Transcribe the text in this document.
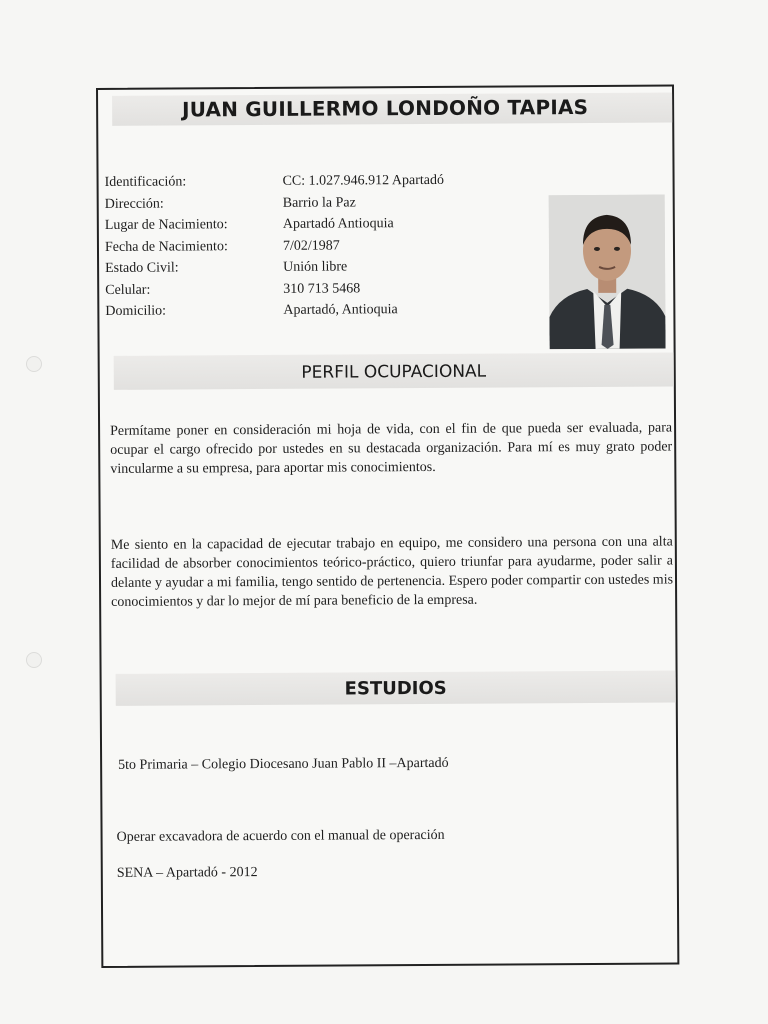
JUAN GUILLERMO LONDOÑO TAPIAS
Identificación:	CC: 1.027.946.912 Apartadó
Dirección:	Barrio la Paz
Lugar de Nacimiento:	Apartadó Antioquia
Fecha de Nacimiento:	7/02/1987
Estado Civil:	Unión libre
Celular:	310 713 5468
Domicilio:	Apartadó, Antioquia
PERFIL OCUPACIONAL
Permítame poner en consideración mi hoja de vida, con el fin de que pueda ser evaluada, para ocupar el cargo ofrecido por ustedes en su destacada organización. Para mí es muy grato poder vincularme a su empresa, para aportar mis conocimientos.
Me siento en la capacidad de ejecutar trabajo en equipo, me considero una persona con una alta facilidad de absorber conocimientos teórico-práctico, quiero triunfar para ayudarme, poder salir a delante y ayudar a mi familia, tengo sentido de pertenencia. Espero poder compartir con ustedes mis conocimientos y dar lo mejor de mí para beneficio de la empresa.
ESTUDIOS
5to Primaria – Colegio Diocesano Juan Pablo II –Apartadó
Operar excavadora de acuerdo con el manual de operación
SENA – Apartadó - 2012
